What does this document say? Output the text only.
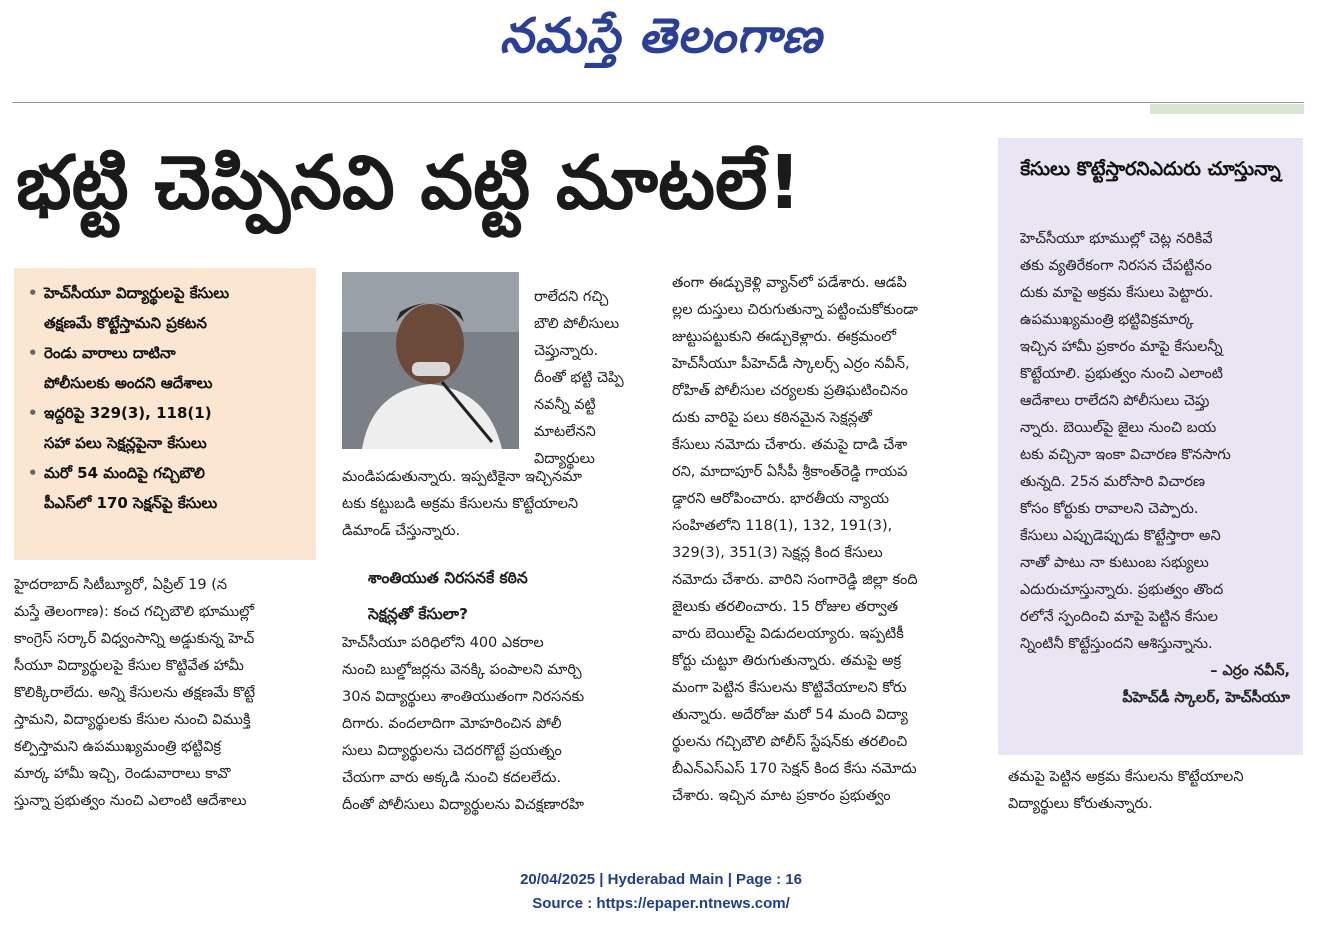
నమస్తే తెలంగాణ
భట్టి చెప్పినవి వట్టి మాటలే!
• హెచ్‌సీయూ విద్యార్థులపై కేసులు
తక్షణమే కొట్టేస్తామని ప్రకటన
• రెండు వారాలు దాటినా
పోలీసులకు అందని ఆదేశాలు
• ఇద్దరిపై 329(3), 118(1)
సహా పలు సెక్షన్లపైనా కేసులు
• మరో 54 మందిపై గచ్చిబౌలి
పీఎస్‌లో 170 సెక్షన్‌పై కేసులు
రాలేదని గచ్చి
బౌలి పోలీసులు
చెప్తున్నారు.
దీంతో భట్టి చెప్పి
నవన్నీ వట్టి
మాటలేనని
విద్యార్థులు
మండిపడుతున్నారు. ఇప్పటికైనా ఇచ్చినమా
టకు కట్టుబడి అక్రమ కేసులను కొట్టేయాలని
డిమాండ్ చేస్తున్నారు.
శాంతియుత నిరసనకే కఠిన
సెక్షన్లతో కేసులా?
హెచ్‌సీయూ పరిధిలోని 400 ఎకరాల
నుంచి బుల్డోజర్లను వెనక్కి పంపాలని మార్చి
30న విద్యార్థులు శాంతియుతంగా నిరసనకు
దిగారు. వందలాదిగా మోహరించిన పోలీ
సులు విద్యార్థులను చెదరగొట్టే ప్రయత్నం
చేయగా వారు అక్కడి నుంచి కదలలేదు.
దీంతో పోలీసులు విద్యార్థులను విచక్షణారహి
హైదరాబాద్ సిటీబ్యూరో, ఏప్రిల్ 19 (న
మస్తే తెలంగాణ): కంచ గచ్చిబౌలి భూముల్లో
కాంగ్రెస్ సర్కార్ విధ్వంసాన్ని అడ్డుకున్న హెచ్
సీయూ విద్యార్థులపై కేసుల కొట్టివేత హామీ
కొలిక్కిరాలేదు. అన్ని కేసులను తక్షణమే కొట్టే
స్తామని, విద్యార్థులకు కేసుల నుంచి విముక్తి
కల్పిస్తామని ఉపముఖ్యమంత్రి భట్టివిక్ర
మార్క హామీ ఇచ్చి, రెండువారాలు కావొ
స్తున్నా ప్రభుత్వం నుంచి ఎలాంటి ఆదేశాలు
తంగా ఈడ్చుకెళ్లి వ్యాన్‌లో పడేశారు. ఆడపి
ల్లల దుస్తులు చిరుగుతున్నా పట్టించుకోకుండా
జుట్టుపట్టుకుని ఈడ్చుకెళ్లారు. ఈక్రమంలో
హెచ్‌సీయూ పీహెచ్‌డీ స్కాలర్స్ ఎర్రం నవీన్,
రోహిత్ పోలీసుల చర్యలకు ప్రతిఘటించినం
దుకు వారిపై పలు కఠినమైన సెక్షన్లతో
కేసులు నమోదు చేశారు. తమపై దాడి చేశా
రని, మాదాపూర్ ఏసీపీ శ్రీకాంత్‌రెడ్డి గాయప
డ్డారని ఆరోపించారు. భారతీయ న్యాయ
సంహితలోని 118(1), 132, 191(3),
329(3), 351(3) సెక్షన్ల కింద కేసులు
నమోదు చేశారు. వారిని సంగారెడ్డి జిల్లా కంది
జైలుకు తరలించారు. 15 రోజుల తర్వాత
వారు బెయిల్‌పై విడుదలయ్యారు. ఇప్పటికీ
కోర్టు చుట్టూ తిరుగుతున్నారు. తమపై అక్ర
మంగా పెట్టిన కేసులను కొట్టివేయాలని కోరు
తున్నారు. అదేరోజు మరో 54 మంది విద్యా
ర్థులను గచ్చిబౌలి పోలీస్ స్టేషన్‌కు తరలించి
బీఎన్ఎస్ఎస్ 170 సెక్షన్ కింద కేసు నమోదు
చేశారు. ఇచ్చిన మాట ప్రకారం ప్రభుత్వం
కేసులు కొట్టేస్తారనిఎదురు చూస్తున్నా
హెచ్‌సీయూ భూముల్లో చెట్ల నరికివే
తకు వ్యతిరేకంగా నిరసన చేపట్టినం
దుకు మాపై అక్రమ కేసులు పెట్టారు.
ఉపముఖ్యమంత్రి భట్టివిక్రమార్క
ఇచ్చిన హామీ ప్రకారం మాపై కేసులన్నీ
కొట్టేయాలి. ప్రభుత్వం నుంచి ఎలాంటి
ఆదేశాలు రాలేదని పోలీసులు చెప్తు
న్నారు. బెయిల్‌పై జైలు నుంచి బయ
టకు వచ్చినా ఇంకా విచారణ కొనసాగు
తున్నది. 25న మరోసారి విచారణ
కోసం కోర్టుకు రావాలని చెప్పారు.
కేసులు ఎప్పుడెప్పుడు కొట్టేస్తారా అని
నాతో పాటు నా కుటుంబ సభ్యులు
ఎదురుచూస్తున్నారు. ప్రభుత్వం తొంద
రలోనే స్పందించి మాపై పెట్టిన కేసుల
న్నింటినీ కొట్టేస్తుందని ఆశిస్తున్నాను.
– ఎర్రం నవీన్,
పీహెచ్‌డీ స్కాలర్, హెచ్‌సీయూ
తమపై పెట్టిన అక్రమ కేసులను కొట్టేయాలని
విద్యార్థులు కోరుతున్నారు.
20/04/2025 | Hyderabad Main | Page : 16
Source : https://epaper.ntnews.com/
